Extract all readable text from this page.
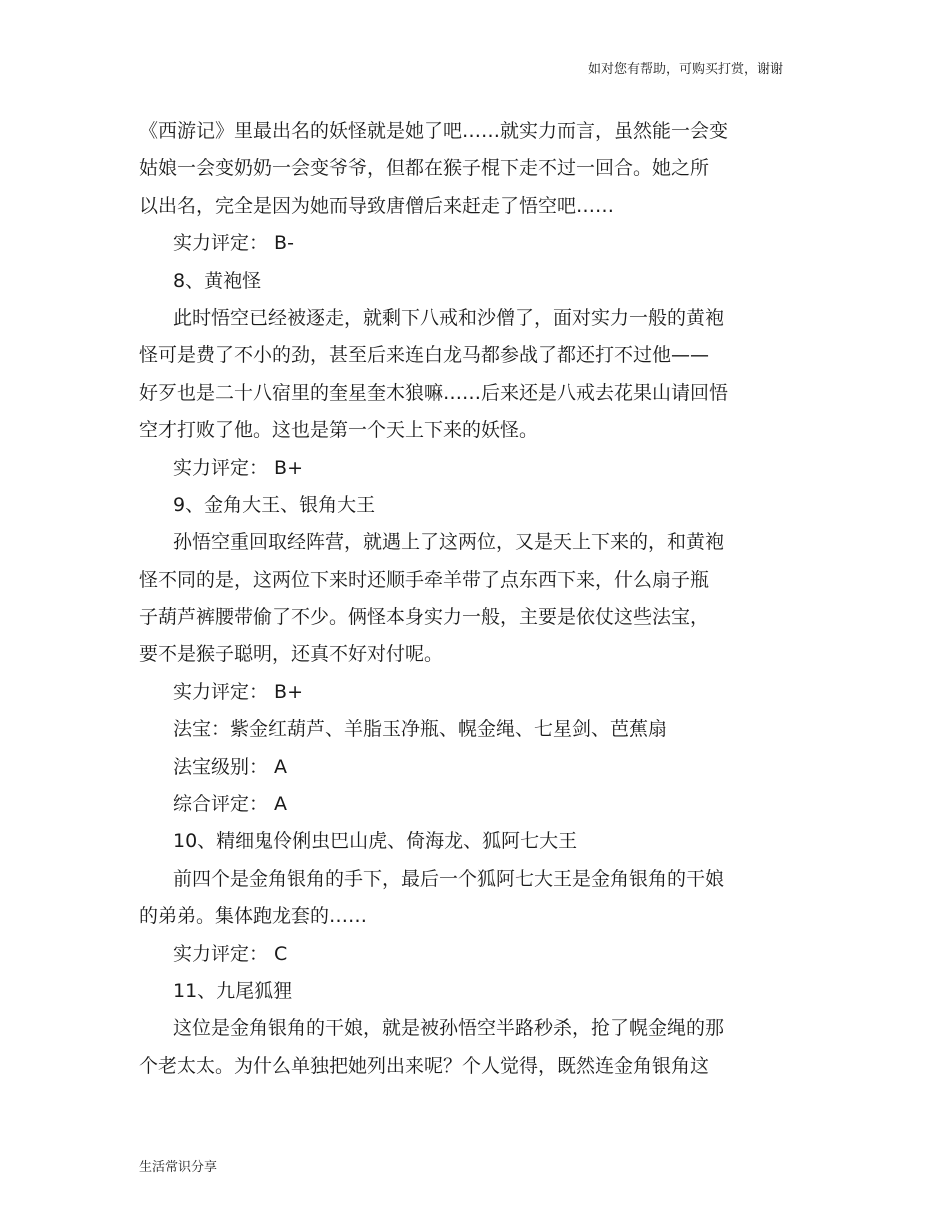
如对您有帮助，可购买打赏，谢谢
《西游记》里最出名的妖怪就是她了吧……就实力而言，虽然能一会变
姑娘一会变奶奶一会变爷爷，但都在猴子棍下走不过一回合。她之所
以出名，完全是因为她而导致唐僧后来赶走了悟空吧……
实力评定： B-
8、黄袍怪
此时悟空已经被逐走，就剩下八戒和沙僧了，面对实力一般的黄袍
怪可是费了不小的劲，甚至后来连白龙马都参战了都还打不过他——
好歹也是二十八宿里的奎星奎木狼嘛……后来还是八戒去花果山请回悟
空才打败了他。这也是第一个天上下来的妖怪。
实力评定： B+
9、金角大王、银角大王
孙悟空重回取经阵营，就遇上了这两位，又是天上下来的，和黄袍
怪不同的是，这两位下来时还顺手牵羊带了点东西下来，什么扇子瓶
子葫芦裤腰带偷了不少。俩怪本身实力一般，主要是依仗这些法宝，
要不是猴子聪明，还真不好对付呢。
实力评定： B+
法宝：紫金红葫芦、羊脂玉净瓶、幌金绳、七星剑、芭蕉扇
法宝级别： A
综合评定： A
10、精细鬼伶俐虫巴山虎、倚海龙、狐阿七大王
前四个是金角银角的手下，最后一个狐阿七大王是金角银角的干娘
的弟弟。集体跑龙套的……
实力评定： C
11、九尾狐狸
这位是金角银角的干娘，就是被孙悟空半路秒杀，抢了幌金绳的那
个老太太。为什么单独把她列出来呢？个人觉得，既然连金角银角这
生活常识分享
